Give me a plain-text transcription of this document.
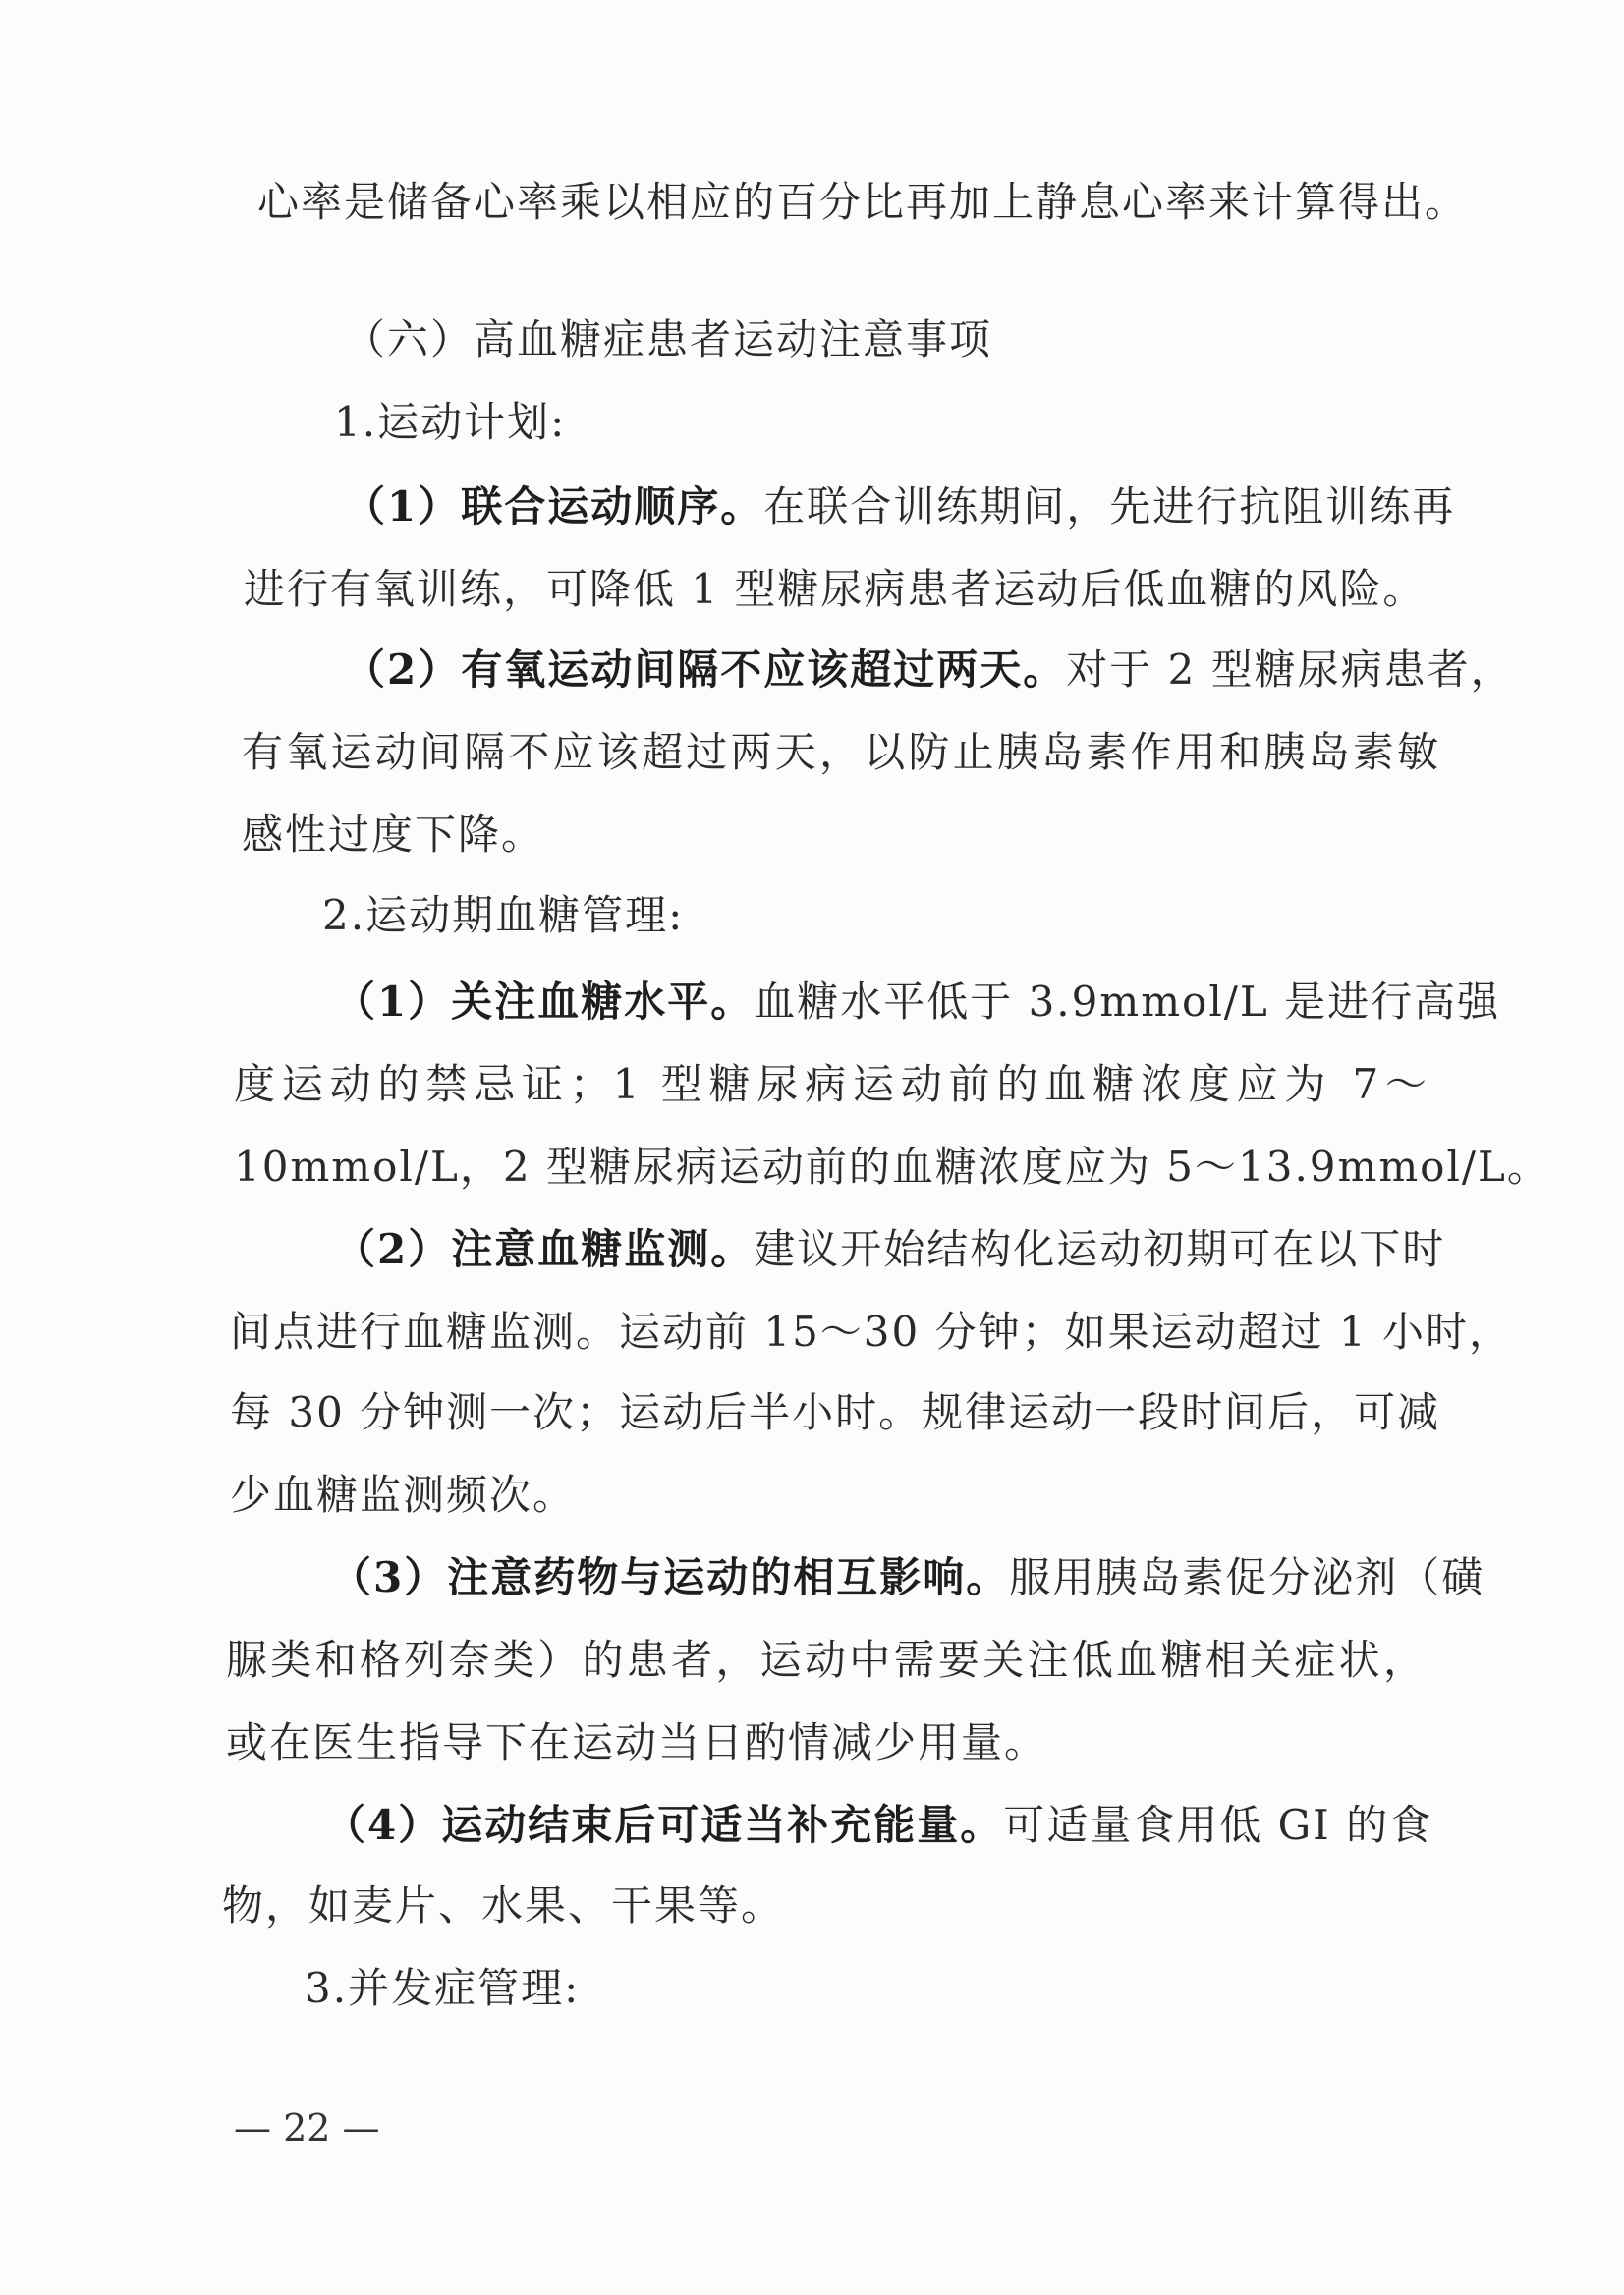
心率是储备心率乘以相应的百分比再加上静息心率来计算得出。
（六）高血糖症患者运动注意事项
1.运动计划:
（1）联合运动顺序。在联合训练期间，先进行抗阻训练再
进行有氧训练，可降低 1 型糖尿病患者运动后低血糖的风险。
（2）有氧运动间隔不应该超过两天。对于 2 型糖尿病患者，
有氧运动间隔不应该超过两天，以防止胰岛素作用和胰岛素敏
感性过度下降。
2.运动期血糖管理:
（1）关注血糖水平。血糖水平低于 3.9mmol/L 是进行高强
度运动的禁忌证；1 型糖尿病运动前的血糖浓度应为 7～
10mmol/L，2 型糖尿病运动前的血糖浓度应为 5～13.9mmol/L。
（2）注意血糖监测。建议开始结构化运动初期可在以下时
间点进行血糖监测。运动前 15～30 分钟；如果运动超过 1 小时，
每 30 分钟测一次；运动后半小时。规律运动一段时间后，可减
少血糖监测频次。
（3）注意药物与运动的相互影响。服用胰岛素促分泌剂（磺
脲类和格列奈类）的患者，运动中需要关注低血糖相关症状，
或在医生指导下在运动当日酌情减少用量。
（4）运动结束后可适当补充能量。可适量食用低 GI 的食
物，如麦片、水果、干果等。
3.并发症管理:
— 22 —
